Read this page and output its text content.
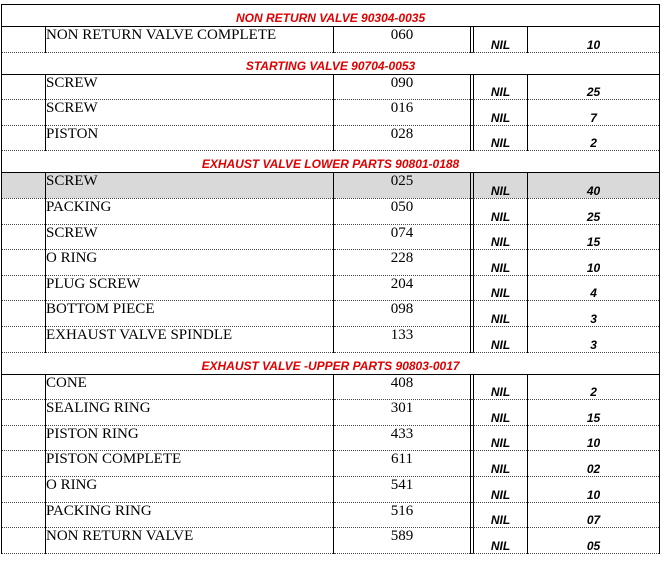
NON RETURN VALVE 90304-0035					
	NON RETURN VALVE COMPLETE	060		NIL	10
STARTING VALVE 90704-0053					
	SCREW	090		NIL	25
	SCREW	016		NIL	7
	PISTON	028		NIL	2
EXHAUST VALVE LOWER PARTS 90801-0188					
	SCREW	025		NIL	40
	PACKING	050		NIL	25
	SCREW	074		NIL	15
	O RING	228		NIL	10
	PLUG SCREW	204		NIL	4
	BOTTOM PIECE	098		NIL	3
	EXHAUST VALVE SPINDLE	133		NIL	3
EXHAUST VALVE -UPPER PARTS 90803-0017					
	CONE	408		NIL	2
	SEALING RING	301		NIL	15
	PISTON RING	433		NIL	10
	PISTON COMPLETE	611		NIL	02
	O RING	541		NIL	10
	PACKING RING	516		NIL	07
	NON RETURN VALVE	589		NIL	05
